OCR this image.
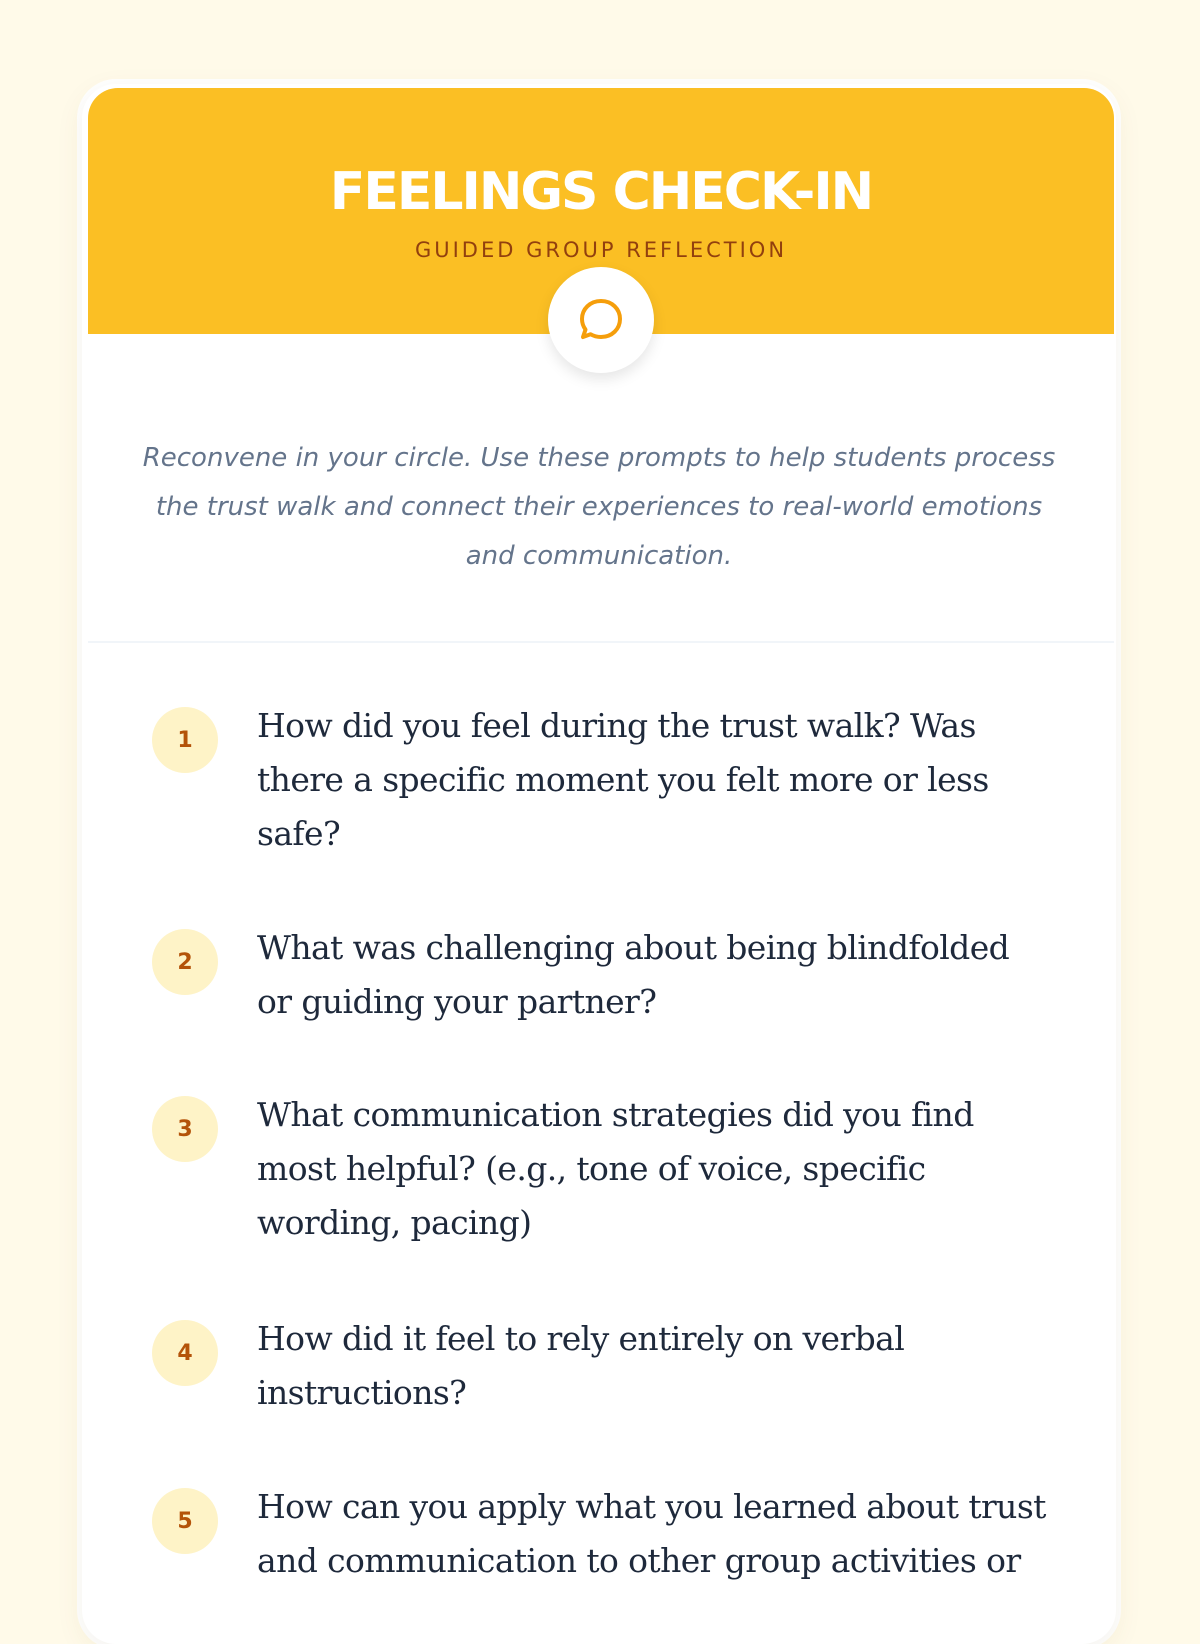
FEELINGS CHECK-IN
GUIDED GROUP REFLECTION
Reconvene in your circle. Use these prompts to help students process the trust walk and connect their experiences to real-world emotions and communication.
1	How did you feel during the trust walk? Was there a specific moment you felt more or less safe?
2	What was challenging about being blindfolded or guiding your partner?
3	What communication strategies did you find most helpful? (e.g., tone of voice, specific wording, pacing)
4	How did it feel to rely entirely on verbal instructions?
5	How can you apply what you learned about trust and communication to other group activities or
